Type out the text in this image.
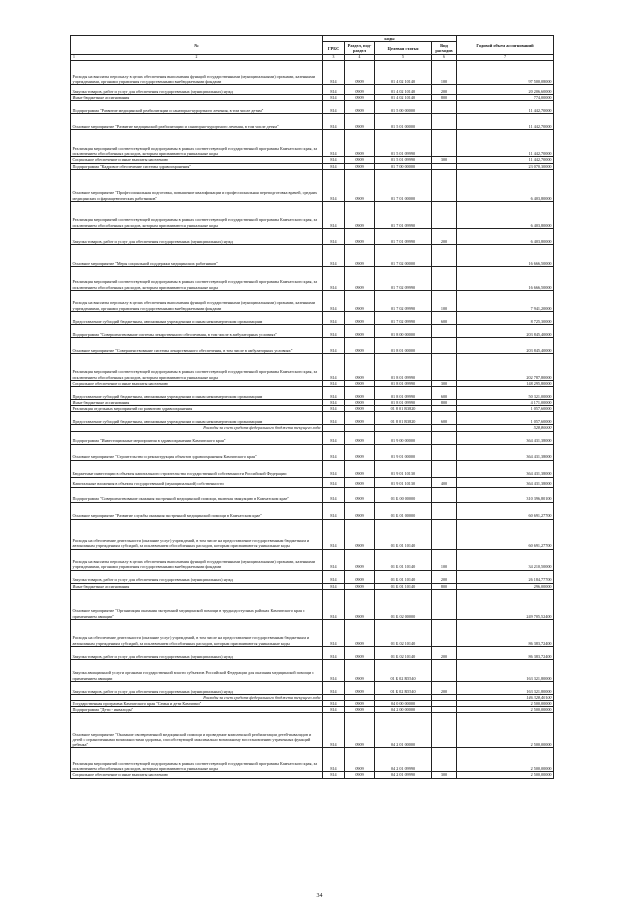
№	коды				Годовой объем ассигнований
	ГРБС	Раздел, под-раздел	Целевая статья	Вид расходов	

1 2	3	4	5	6	7
Расходы на выплаты персоналу в целях обеспечения выполнения функций государственными (муниципальными) органами, казенными учреждениями, органами управления государственными внебюджетными фондами	814	0909	01 4 02 10140	100	97 500,08000
Закупка товаров, работ и услуг для обеспечения государственных (муниципальных) нужд	814	0909	01 4 02 10140	200	20 206,60000
Иные бюджетные ассигнования	814	0909	01 4 02 10140	800	774,00000
Подпрограмма "Развитие медицинской реабилитации и санаторно-курортного лечения, в том числе детям"	814	0909	01 5 00 00000		11 442,70000
Основное мероприятие "Развитие медицинской реабилитации и санаторно-курортного лечения, в том числе детям"	814	0909	01 5 01 00000		11 442,70000
Реализация мероприятий соответствующей подпрограммы в рамках соответствующей государственной программы Камчатского края, за исключением обособленных расходов, которым присваиваются уникальные коды	814	0909	01 5 01 09990		11 442,70000
Социальное обеспечение и иные выплаты населению	814	0909	01 5 01 09990	300	11 442,70000
Подпрограмма "Кадровое обеспечение системы здравоохранения"	814	0909	01 7 00 00000		23 070,30000
Основное мероприятие "Профессиональная подготовка, повышение квалификации и профессиональная переподготовка врачей, средних медицинских и фармацевтических работников"	814	0909	01 7 01 00000		6 403,80000
Реализация мероприятий соответствующей подпрограммы в рамках соответствующей государственной программы Камчатского края, за исключением обособленных расходов, которым присваиваются уникальные коды	814	0909	01 7 01 09990		6 403,80000
Закупка товаров, работ и услуг для обеспечения государственных (муниципальных) нужд	814	0909	01 7 01 09990	200	6 403,80000
Основное мероприятие "Меры социальной поддержки медицинских работников"	814	0909	01 7 02 00000		16 666,50000
Реализация мероприятий соответствующей подпрограммы в рамках соответствующей государственной программы Камчатского края, за исключением обособленных расходов, которым присваиваются уникальные коды	814	0909	01 7 02 09990		16 666,50000
Расходы на выплаты персоналу в целях обеспечения выполнения функций государственными (муниципальными) органами, казенными учреждениями, органами управления государственными внебюджетными фондами	814	0909	01 7 02 09990	100	7 941,20000
Предоставление субсидий бюджетным, автономным учреждениям и иным некоммерческим организациям	814	0909	01 7 02 09990	600	8 725,30000
Подпрограмма "Совершенствование системы лекарственного обеспечения, в том числе в амбулаторных условиях"	814	0909	01 8 00 00000		203 845,40000
Основное мероприятие "Совершенствование системы лекарственного обеспечения, в том числе в амбулаторных условиях"	814	0909	01 8 01 00000		203 845,40000
Реализация мероприятий соответствующей подпрограммы в рамках соответствующей государственной программы Камчатского края, за исключением обособленных расходов, которым присваиваются уникальные коды	814	0909	01 8 01 09990		202 787,80000
Социальное обеспечение и иные выплаты населению	814	0909	01 8 01 09990	300	148 295,80000
Предоставление субсидий бюджетным, автономным учреждениям и иным некоммерческим организациям	814	0909	01 8 01 09990	600	50 321,00000
Иные бюджетные ассигнования	814	0909	01 8 01 09990	800	4 171,00000
Реализация отдельных мероприятий по развитию здравоохранения	814	0909	01 8 01 R3820		1 057,60000
Предоставление субсидий бюджетным, автономным учреждениям и иным некоммерческим организациям	814	0909	01 8 01 R3820	600	1 057,60000
Расходы за счет средств федерального бюджета текущего года					528,80000
Подпрограмма "Инвестиционные мероприятия в здравоохранении Камчатского края"	814	0909	01 9 00 00000		364 431,38000
Основное мероприятие "Строительство и реконструкция объектов здравоохранения Камчатского края"	814	0909	01 9 01 00000		364 431,38000
Бюджетные инвестиции в объекты капитального строительства государственной собственности Российской Федерации	814	0909	01 9 01 10130		364 431,38000
Капитальные вложения в объекты государственной (муниципальной) собственности	814	0909	01 9 01 10130	400	364 431,38000
Подпрограмма "Совершенствование оказания экстренной медицинской помощи, включая эвакуацию в Камчатском крае"	814	0909	01 Б 00 00000		310 396,80100
Основное мероприятие "Развитие службы оказания экстренной медицинской помощи в Камчатском крае"	814	0909	01 Б 01 00000		60 691,27700
Расходы на обеспечение деятельности (оказание услуг) учреждений, в том числе на предоставление государственным бюджетным и автономным учреждениям субсидий, за исключением обособленных расходов, которым присваиваются уникальные коды	814	0909	01 Б 01 10140		60 691,27700
Расходы на выплаты персоналу в целях обеспечения выполнения функций государственными (муниципальными) органами, казенными учреждениями, органами управления государственными внебюджетными фондами	814	0909	01 Б 01 10140	100	34 210,50000
Закупка товаров, работ и услуг для обеспечения государственных (муниципальных) нужд	814	0909	01 Б 01 10140	200	26 184,77700
Иные бюджетные ассигнования	814	0909	01 Б 01 10140	800	296,00000
Основное мероприятие "Организация оказания экстренной медицинской помощи в труднодоступных районах Камчатского края с применением авиации"	814	0909	01 Б 02 00000		249 705,52400
Расходы на обеспечение деятельности (оказание услуг) учреждений, в том числе на предоставление государственным бюджетным и автономным учреждениям субсидий, за исключением обособленных расходов, которым присваиваются уникальные коды	814	0909	01 Б 02 10140		86 383,72400
Закупка товаров, работ и услуг для обеспечения государственных (муниципальных) нужд	814	0909	01 Б 02 10140	200	86 383,72400
Закупка авиационной услуги органами государственной власти субъектов Российской Федерации для оказания медицинской помощи с применением авиации	814	0909	01 Б 02 R5540		163 321,80000
Закупка товаров, работ и услуг для обеспечения государственных (муниципальных) нужд	814	0909	01 Б 02 R5540	200	163 321,80000
Расходы за счет средств федерального бюджета текущего года					146 328,40100
Государственная программа Камчатского края "Семья и дети Камчатки"	814	0909	04 0 00 00000		2 500,00000
Подпрограмма "Дети - инвалиды"	814	0909	04 2 00 00000		2 500,00000
Основное мероприятие "Оказание своевременной медицинской помощи и проведение комплексной реабилитации детей-инвалидов и детей с ограниченными возможностями здоровья, способствующей максимально возможному восстановлению утраченных функций ребенка"	814	0909	04 2 01 00000		2 500,00000
Реализация мероприятий соответствующей подпрограммы в рамках соответствующей государственной программы Камчатского края, за исключением обособленных расходов, которым присваиваются уникальные коды	814	0909	04 2 01 09990		2 500,00000
Социальное обеспечение и иные выплаты населению	814	0909	04 2 01 09990	300	2 500,00000
34
